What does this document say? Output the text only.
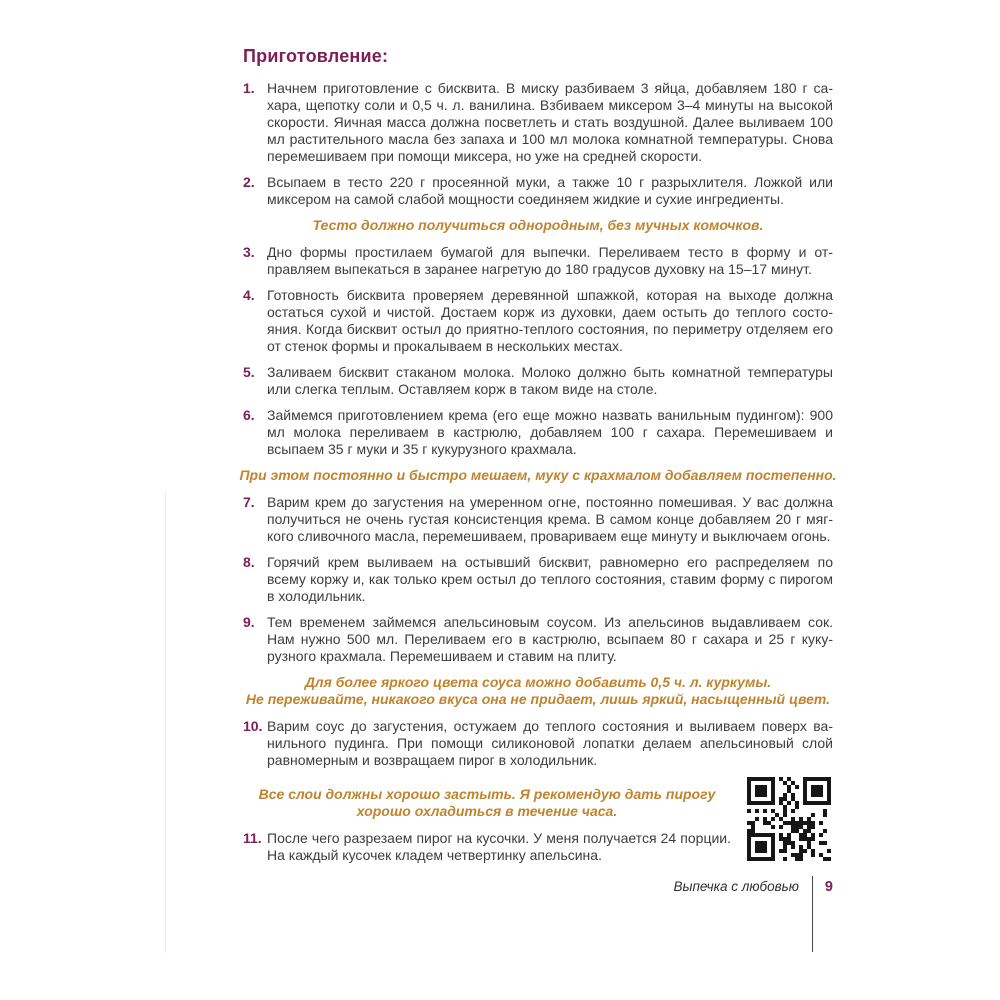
Приготовление:
1. Начнем приготовление с бисквита. В миску разбиваем 3 яйца, добавляем 180 г сахара, щепотку соли и 0,5 ч. л. ванилина. Взбиваем миксером 3–4 минуты на высокой скорости. Яичная масса должна посветлеть и стать воздушной. Далее выливаем 100 мл растительного масла без запаха и 100 мл молока комнатной температуры. Снова перемешиваем при помощи миксера, но уже на средней скорости.

2. Всыпаем в тесто 220 г просеянной муки, а также 10 г разрыхлителя. Ложкой или миксером на самой слабой мощности соединяем жидкие и сухие ингредиенты.

Тесто должно получиться однородным, без мучных комочков.
3. Дно формы простилаем бумагой для выпечки. Переливаем тесто в форму и отправляем выпекаться в заранее нагретую до 180 градусов духовку на 15–17 минут.

4. Готовность бисквита проверяем деревянной шпажкой, которая на выходе должна остаться сухой и чистой. Достаем корж из духовки, даем остыть до теплого состояния. Когда бисквит остыл до приятно-теплого состояния, по периметру отделяем его от стенок формы и прокалываем в нескольких местах.

5. Заливаем бисквит стаканом молока. Молоко должно быть комнатной температуры или слегка теплым. Оставляем корж в таком виде на столе.

6. Займемся приготовлением крема (его еще можно назвать ванильным пудингом): 900 мл молока переливаем в кастрюлю, добавляем 100 г сахара. Перемешиваем и всыпаем 35 г муки и 35 г кукурузного крахмала.

При этом постоянно и быстро мешаем, муку с крахмалом добавляем постепенно.
7. Варим крем до загустения на умеренном огне, постоянно помешивая. У вас должна получиться не очень густая консистенция крема. В самом конце добавляем 20 г мягкого сливочного масла, перемешиваем, провариваем еще минуту и выключаем огонь.

8. Горячий крем выливаем на остывший бисквит, равномерно его распределяем по всему коржу и, как только крем остыл до теплого состояния, ставим форму с пирогом в холодильник.

9. Тем временем займемся апельсиновым соусом. Из апельсинов выдавливаем сок. Нам нужно 500 мл. Переливаем его в кастрюлю, всыпаем 80 г сахара и 25 г кукурузного крахмала. Перемешиваем и ставим на плиту.

Для более яркого цвета соуса можно добавить 0,5 ч. л. куркумы.
Не переживайте, никакого вкуса она не придает, лишь яркий, насыщенный цвет.
10. Варим соус до загустения, остужаем до теплого состояния и выливаем поверх ванильного пудинга. При помощи силиконовой лопатки делаем апельсиновый слой равномерным и возвращаем пирог в холодильник.

Все слои должны хорошо застыть. Я рекомендую дать пирогу
хорошо охладиться в течение часа.
11. После чего разрезаем пирог на кусочки. У меня получается 24 порции. На каждый кусочек кладем четвертинку апельсина.

Выпечка с любовью 9
